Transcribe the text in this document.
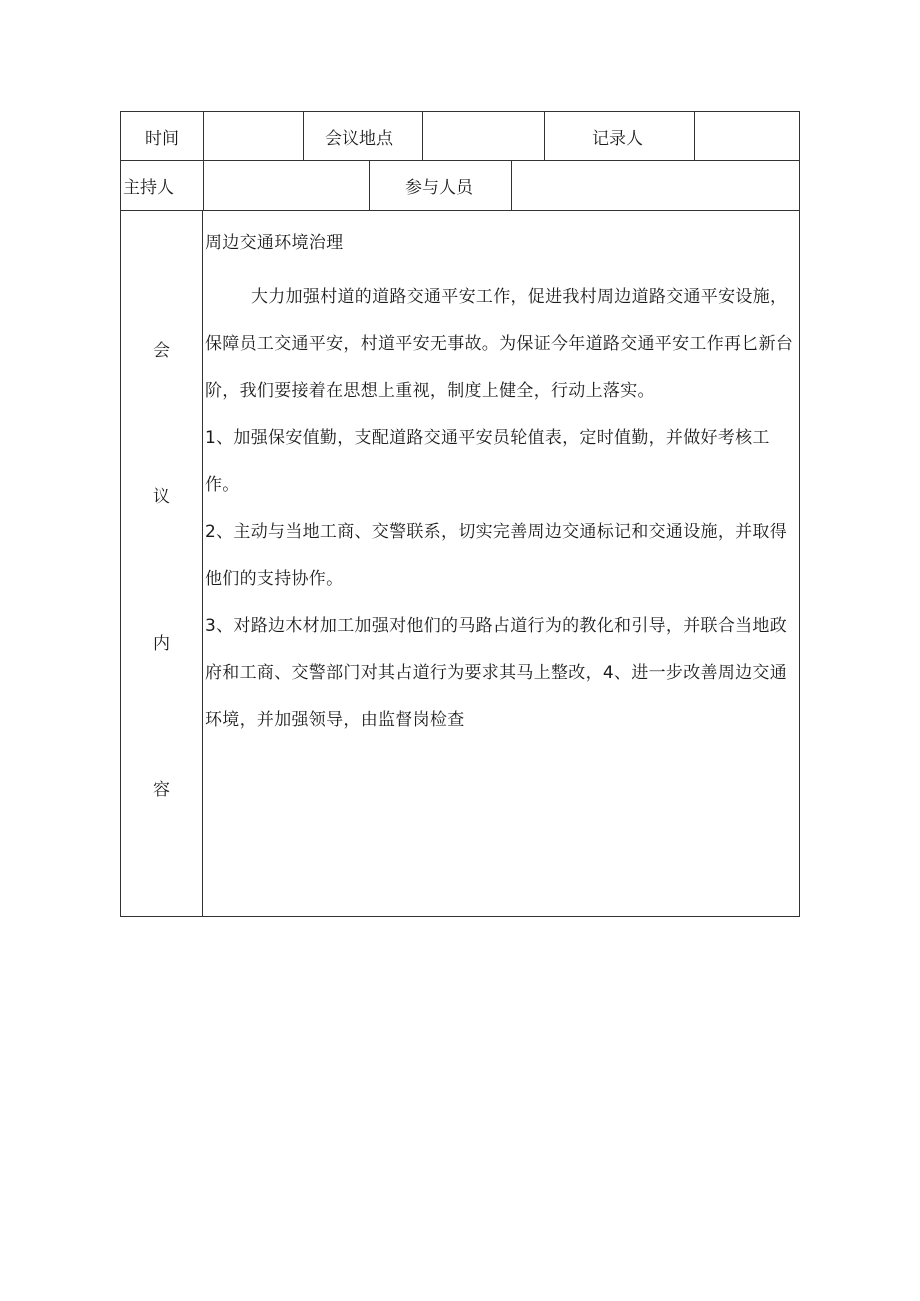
时间	会议地点	记录人
主持人	参与人员
会
议
内
容

周边交通环境治理

大力加强村道的道路交通平安工作，促进我村周边道路交通平安设施，保障员工交通平安，村道平安无事故。为保证今年道路交通平安工作再匕新台阶，我们要接着在思想上重视，制度上健全，行动上落实。

1、加强保安值勤，支配道路交通平安员轮值表，定时值勤，并做好考核工作。

2、主动与当地工商、交警联系，切实完善周边交通标记和交通设施，并取得他们的支持协作。

3、对路边木材加工加强对他们的马路占道行为的教化和引导，并联合当地政府和工商、交警部门对其占道行为要求其马上整改，4、进一步改善周边交通环境，并加强领导，由监督岗检查
